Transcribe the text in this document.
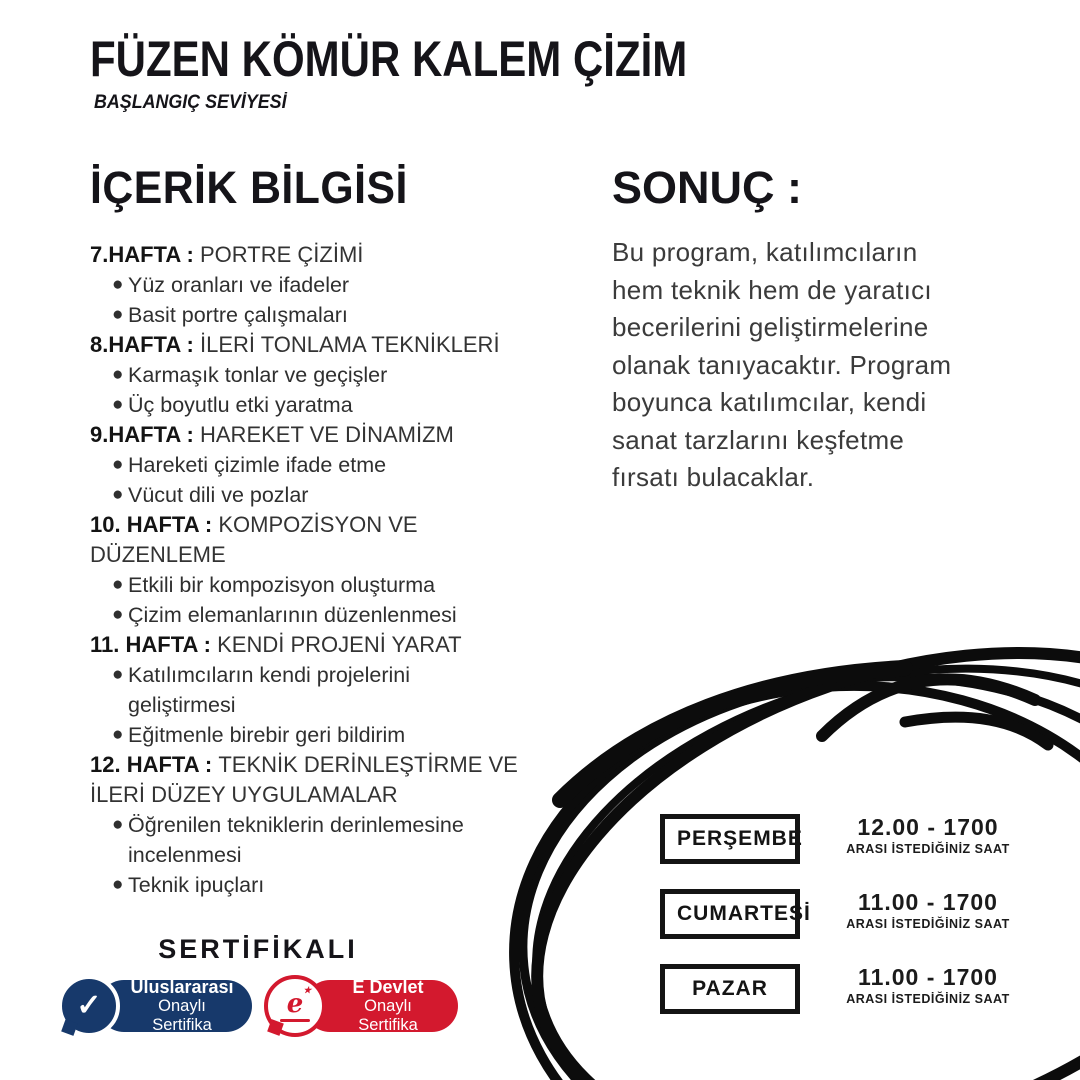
FÜZEN KÖMÜR KALEM ÇİZİM
BAŞLANGIÇ SEVİYESİ
İÇERİK BİLGİSİ
7.HAFTA : PORTRE ÇİZİMİ
● Yüz oranları ve ifadeler
● Basit portre çalışmaları
8.HAFTA : İLERİ TONLAMA TEKNİKLERİ
● Karmaşık tonlar ve geçişler
● Üç boyutlu etki yaratma
9.HAFTA : HAREKET VE DİNAMİZM
● Hareketi çizimle ifade etme
● Vücut dili ve pozlar
10. HAFTA : KOMPOZİSYON VE
DÜZENLEME
● Etkili bir kompozisyon oluşturma
● Çizim elemanlarının düzenlenmesi
11. HAFTA : KENDİ PROJENİ YARAT
● Katılımcıların kendi projelerini
geliştirmesi
● Eğitmenle birebir geri bildirim
12. HAFTA : TEKNİK DERİNLEŞTİRME VE
İLERİ DÜZEY UYGULAMALAR
● Öğrenilen tekniklerin derinlemesine
incelenmesi
● Teknik ipuçları
SONUÇ :
Bu program, katılımcıların
hem teknik hem de yaratıcı
becerilerini geliştirmelerine
olanak tanıyacaktır. Program
boyunca katılımcılar, kendi
sanat tarzlarını keşfetme
fırsatı bulacaklar.
SERTİFİKALI
✓
Uluslararası
Onaylı Sertifika
e ★	E Devlet
Onaylı Sertifika
PERŞEMBE	12.00 - 1700
ARASI İSTEDİĞİNİZ SAAT
CUMARTESİ	11.00 - 1700
ARASI İSTEDİĞİNİZ SAAT
PAZAR	11.00 - 1700
ARASI İSTEDİĞİNİZ SAAT
